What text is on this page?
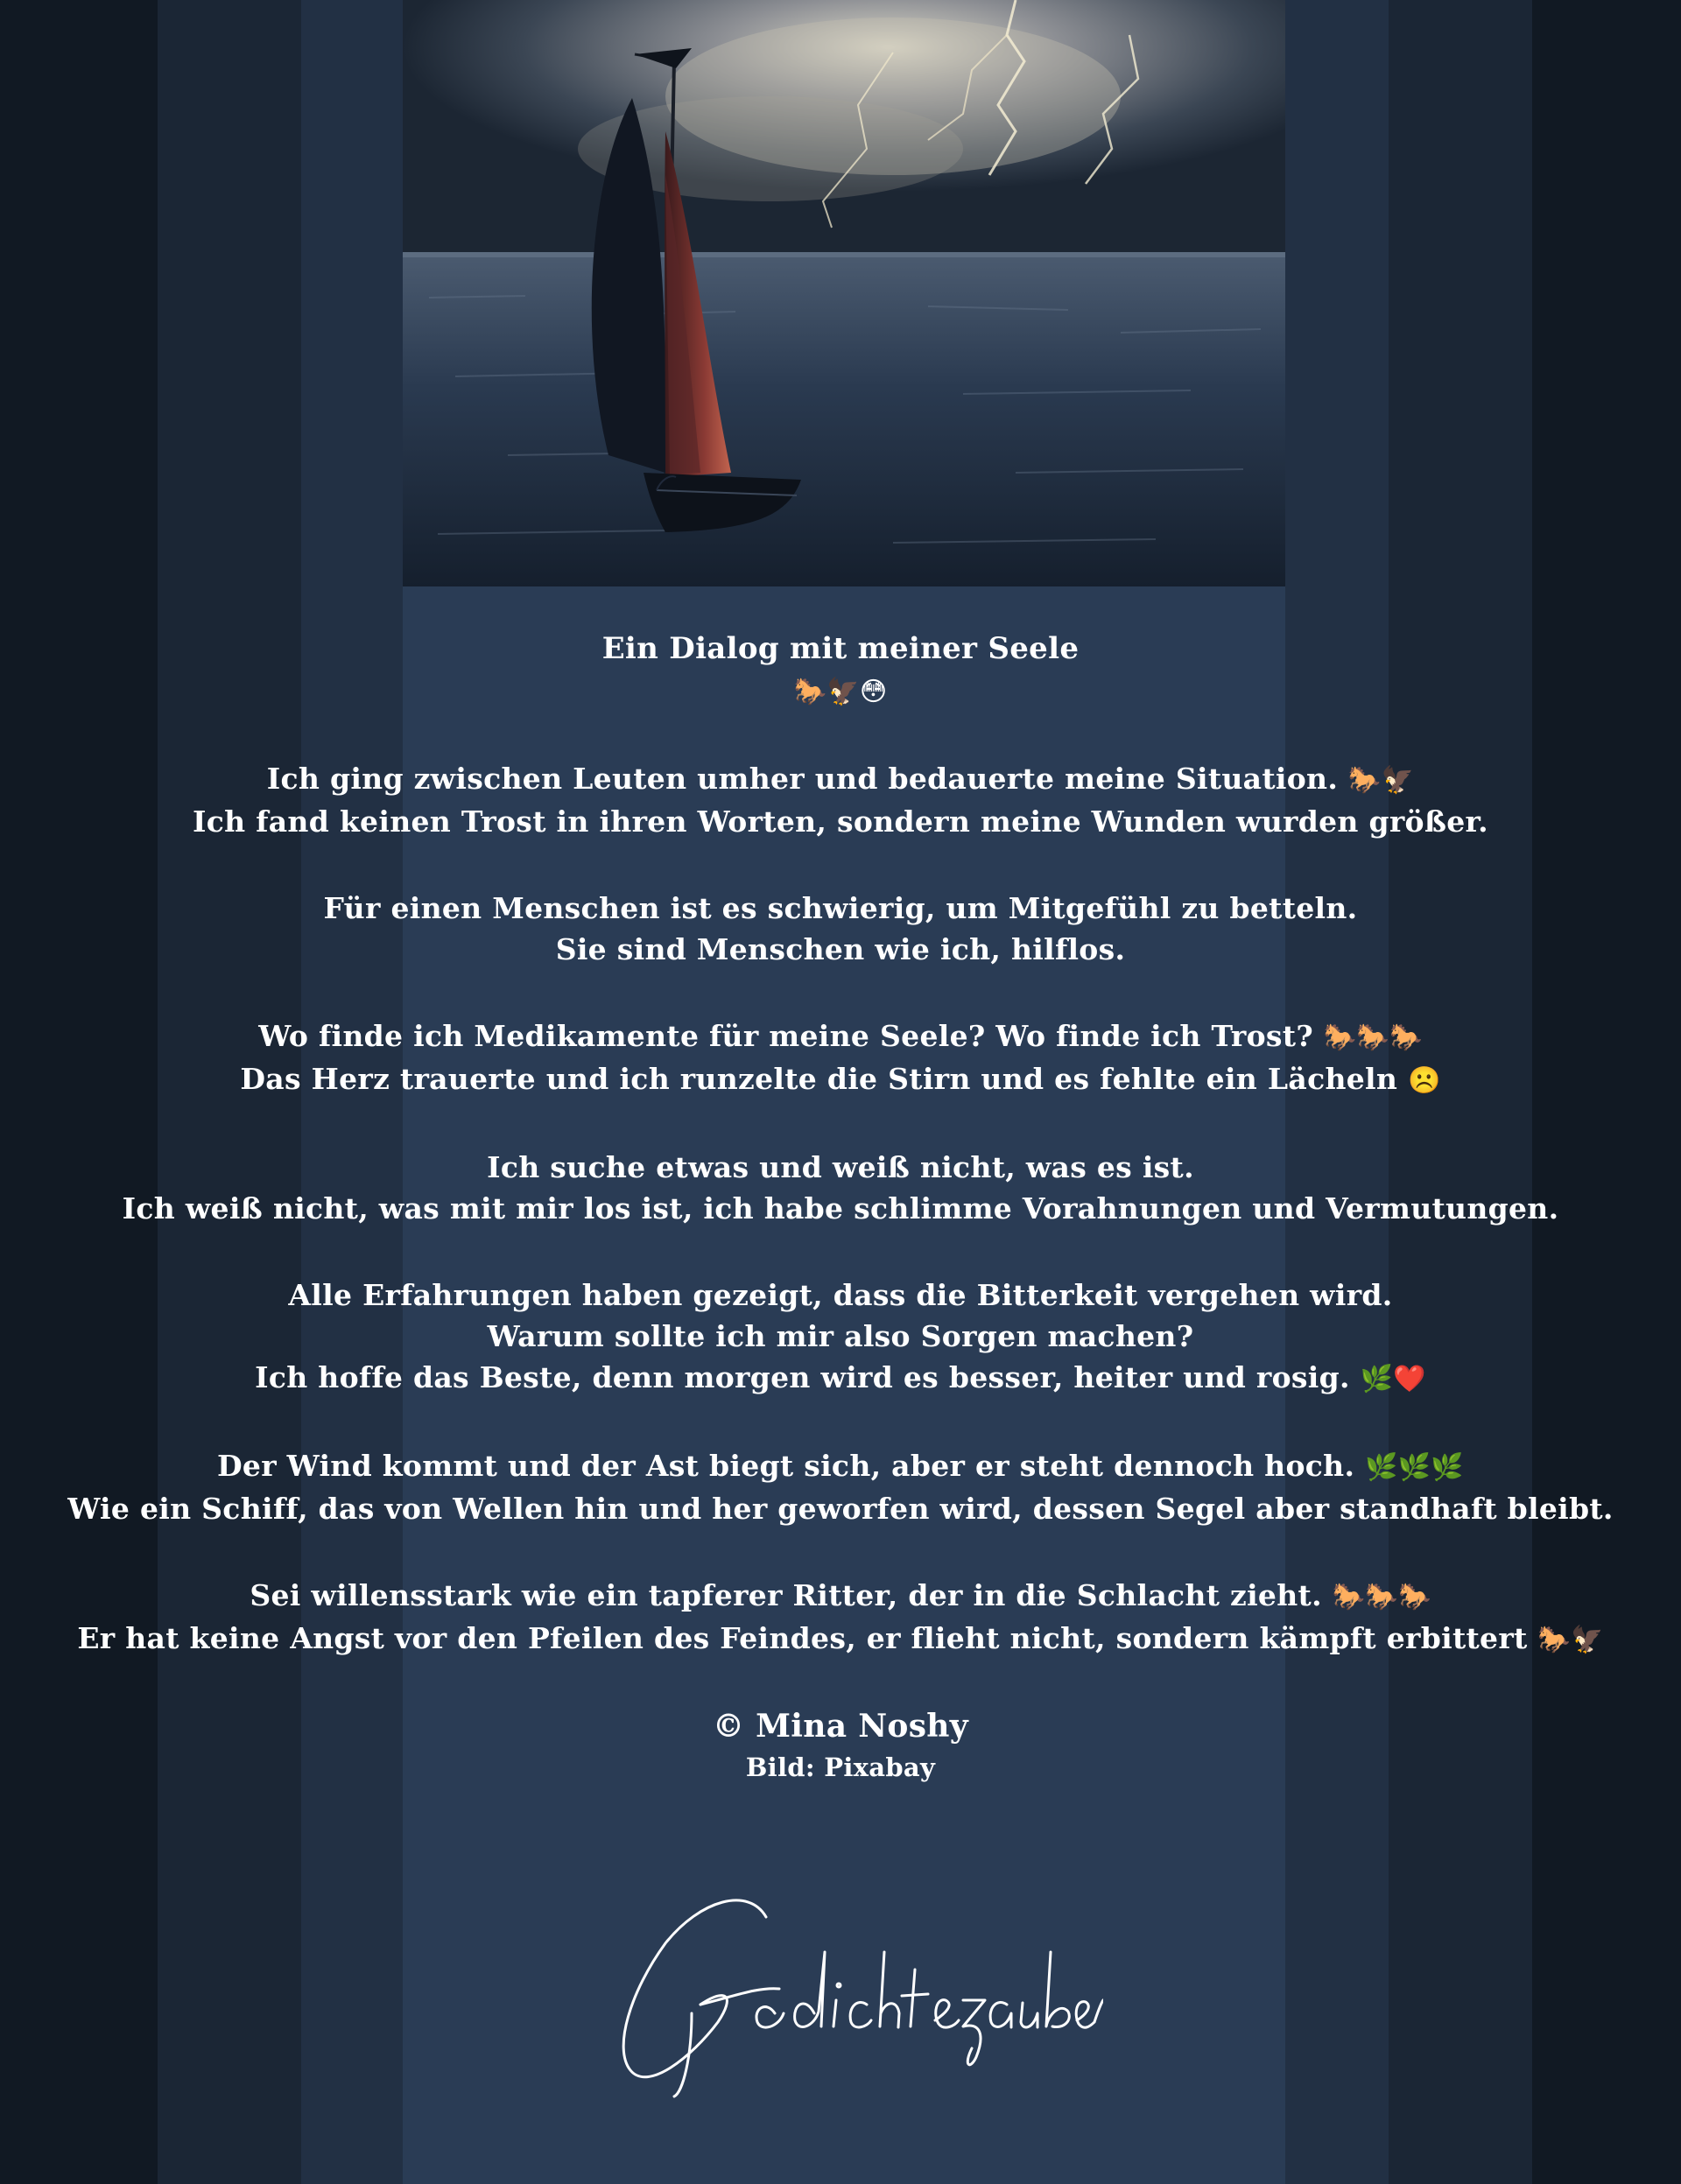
Ein Dialog mit meiner Seele

🐎🦅😳

Ich ging zwischen Leuten umher und bedauerte meine Situation. 🐎🦅

Ich fand keinen Trost in ihren Worten, sondern meine Wunden wurden größer.

Für einen Menschen ist es schwierig, um Mitgefühl zu betteln.

Sie sind Menschen wie ich, hilflos.

Wo finde ich Medikamente für meine Seele? Wo finde ich Trost? 🐎🐎🐎

Das Herz trauerte und ich runzelte die Stirn und es fehlte ein Lächeln ☹️

Ich suche etwas und weiß nicht, was es ist.

Ich weiß nicht, was mit mir los ist, ich habe schlimme Vorahnungen und Vermutungen.

Alle Erfahrungen haben gezeigt, dass die Bitterkeit vergehen wird.

Warum sollte ich mir also Sorgen machen?

Ich hoffe das Beste, denn morgen wird es besser, heiter und rosig. 🌿❤️

Der Wind kommt und der Ast biegt sich, aber er steht dennoch hoch. 🌿🌿🌿

Wie ein Schiff, das von Wellen hin und her geworfen wird, dessen Segel aber standhaft bleibt.

Sei willensstark wie ein tapferer Ritter, der in die Schlacht zieht. 🐎🐎🐎

Er hat keine Angst vor den Pfeilen des Feindes, er flieht nicht, sondern kämpft erbittert 🐎🦅

© Mina Noshy

Bild: Pixabay
